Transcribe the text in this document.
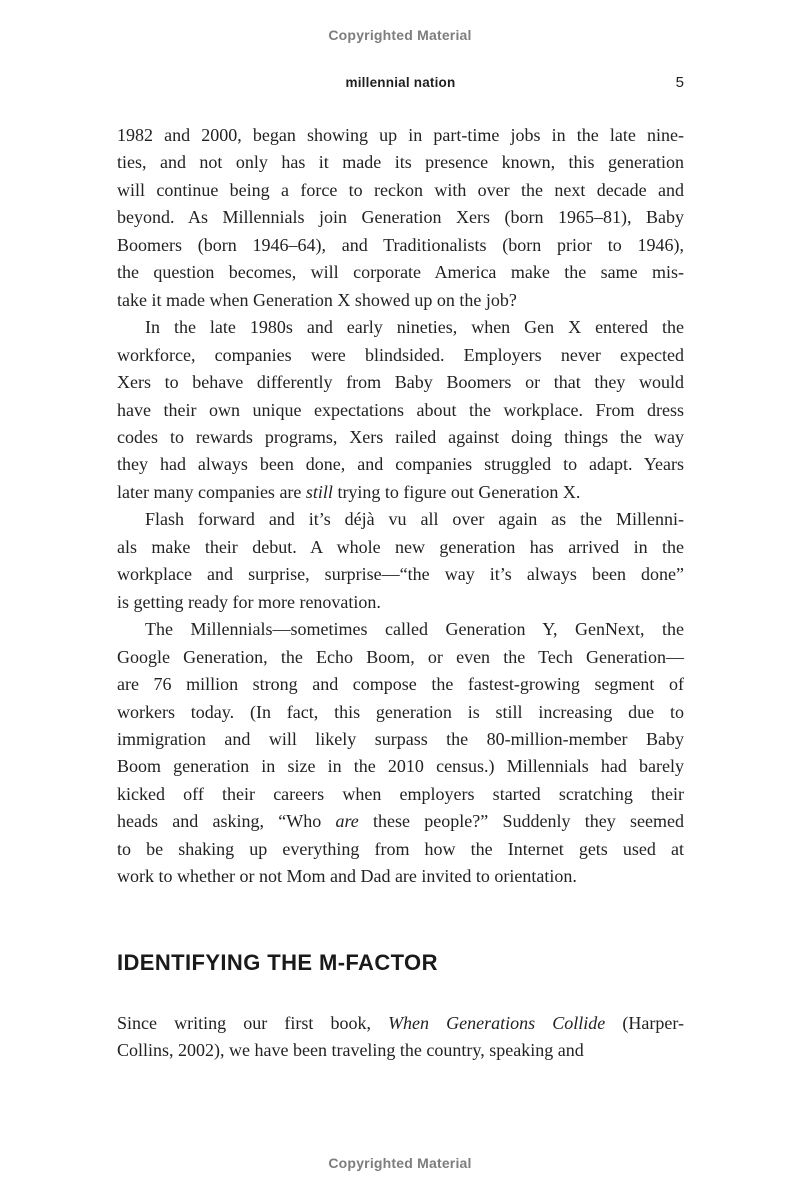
Copyrighted Material
millennial nation	5
1982 and 2000, began showing up in part-time jobs in the late nine-
ties, and not only has it made its presence known, this generation
will continue being a force to reckon with over the next decade and
beyond. As Millennials join Generation Xers (born 1965–81), Baby
Boomers (born 1946–64), and Traditionalists (born prior to 1946),
the question becomes, will corporate America make the same mis-
take it made when Generation X showed up on the job?
In the late 1980s and early nineties, when Gen X entered the
workforce, companies were blindsided. Employers never expected
Xers to behave differently from Baby Boomers or that they would
have their own unique expectations about the workplace. From dress
codes to rewards programs, Xers railed against doing things the way
they had always been done, and companies struggled to adapt. Years
later many companies are still trying to figure out Generation X.
Flash forward and it’s déjà vu all over again as the Millenni-
als make their debut. A whole new generation has arrived in the
workplace and surprise, surprise—“the way it’s always been done”
is getting ready for more renovation.
The Millennials—sometimes called Generation Y, GenNext, the
Google Generation, the Echo Boom, or even the Tech Generation—
are 76 million strong and compose the fastest-growing segment of
workers today. (In fact, this generation is still increasing due to
immigration and will likely surpass the 80-million-member Baby
Boom generation in size in the 2010 census.) Millennials had barely
kicked off their careers when employers started scratching their
heads and asking, “Who are these people?” Suddenly they seemed
to be shaking up everything from how the Internet gets used at
work to whether or not Mom and Dad are invited to orientation.
IDENTIFYING THE M-FACTOR
Since writing our first book, When Generations Collide (Harper-
Collins, 2002), we have been traveling the country, speaking and
Copyrighted Material
